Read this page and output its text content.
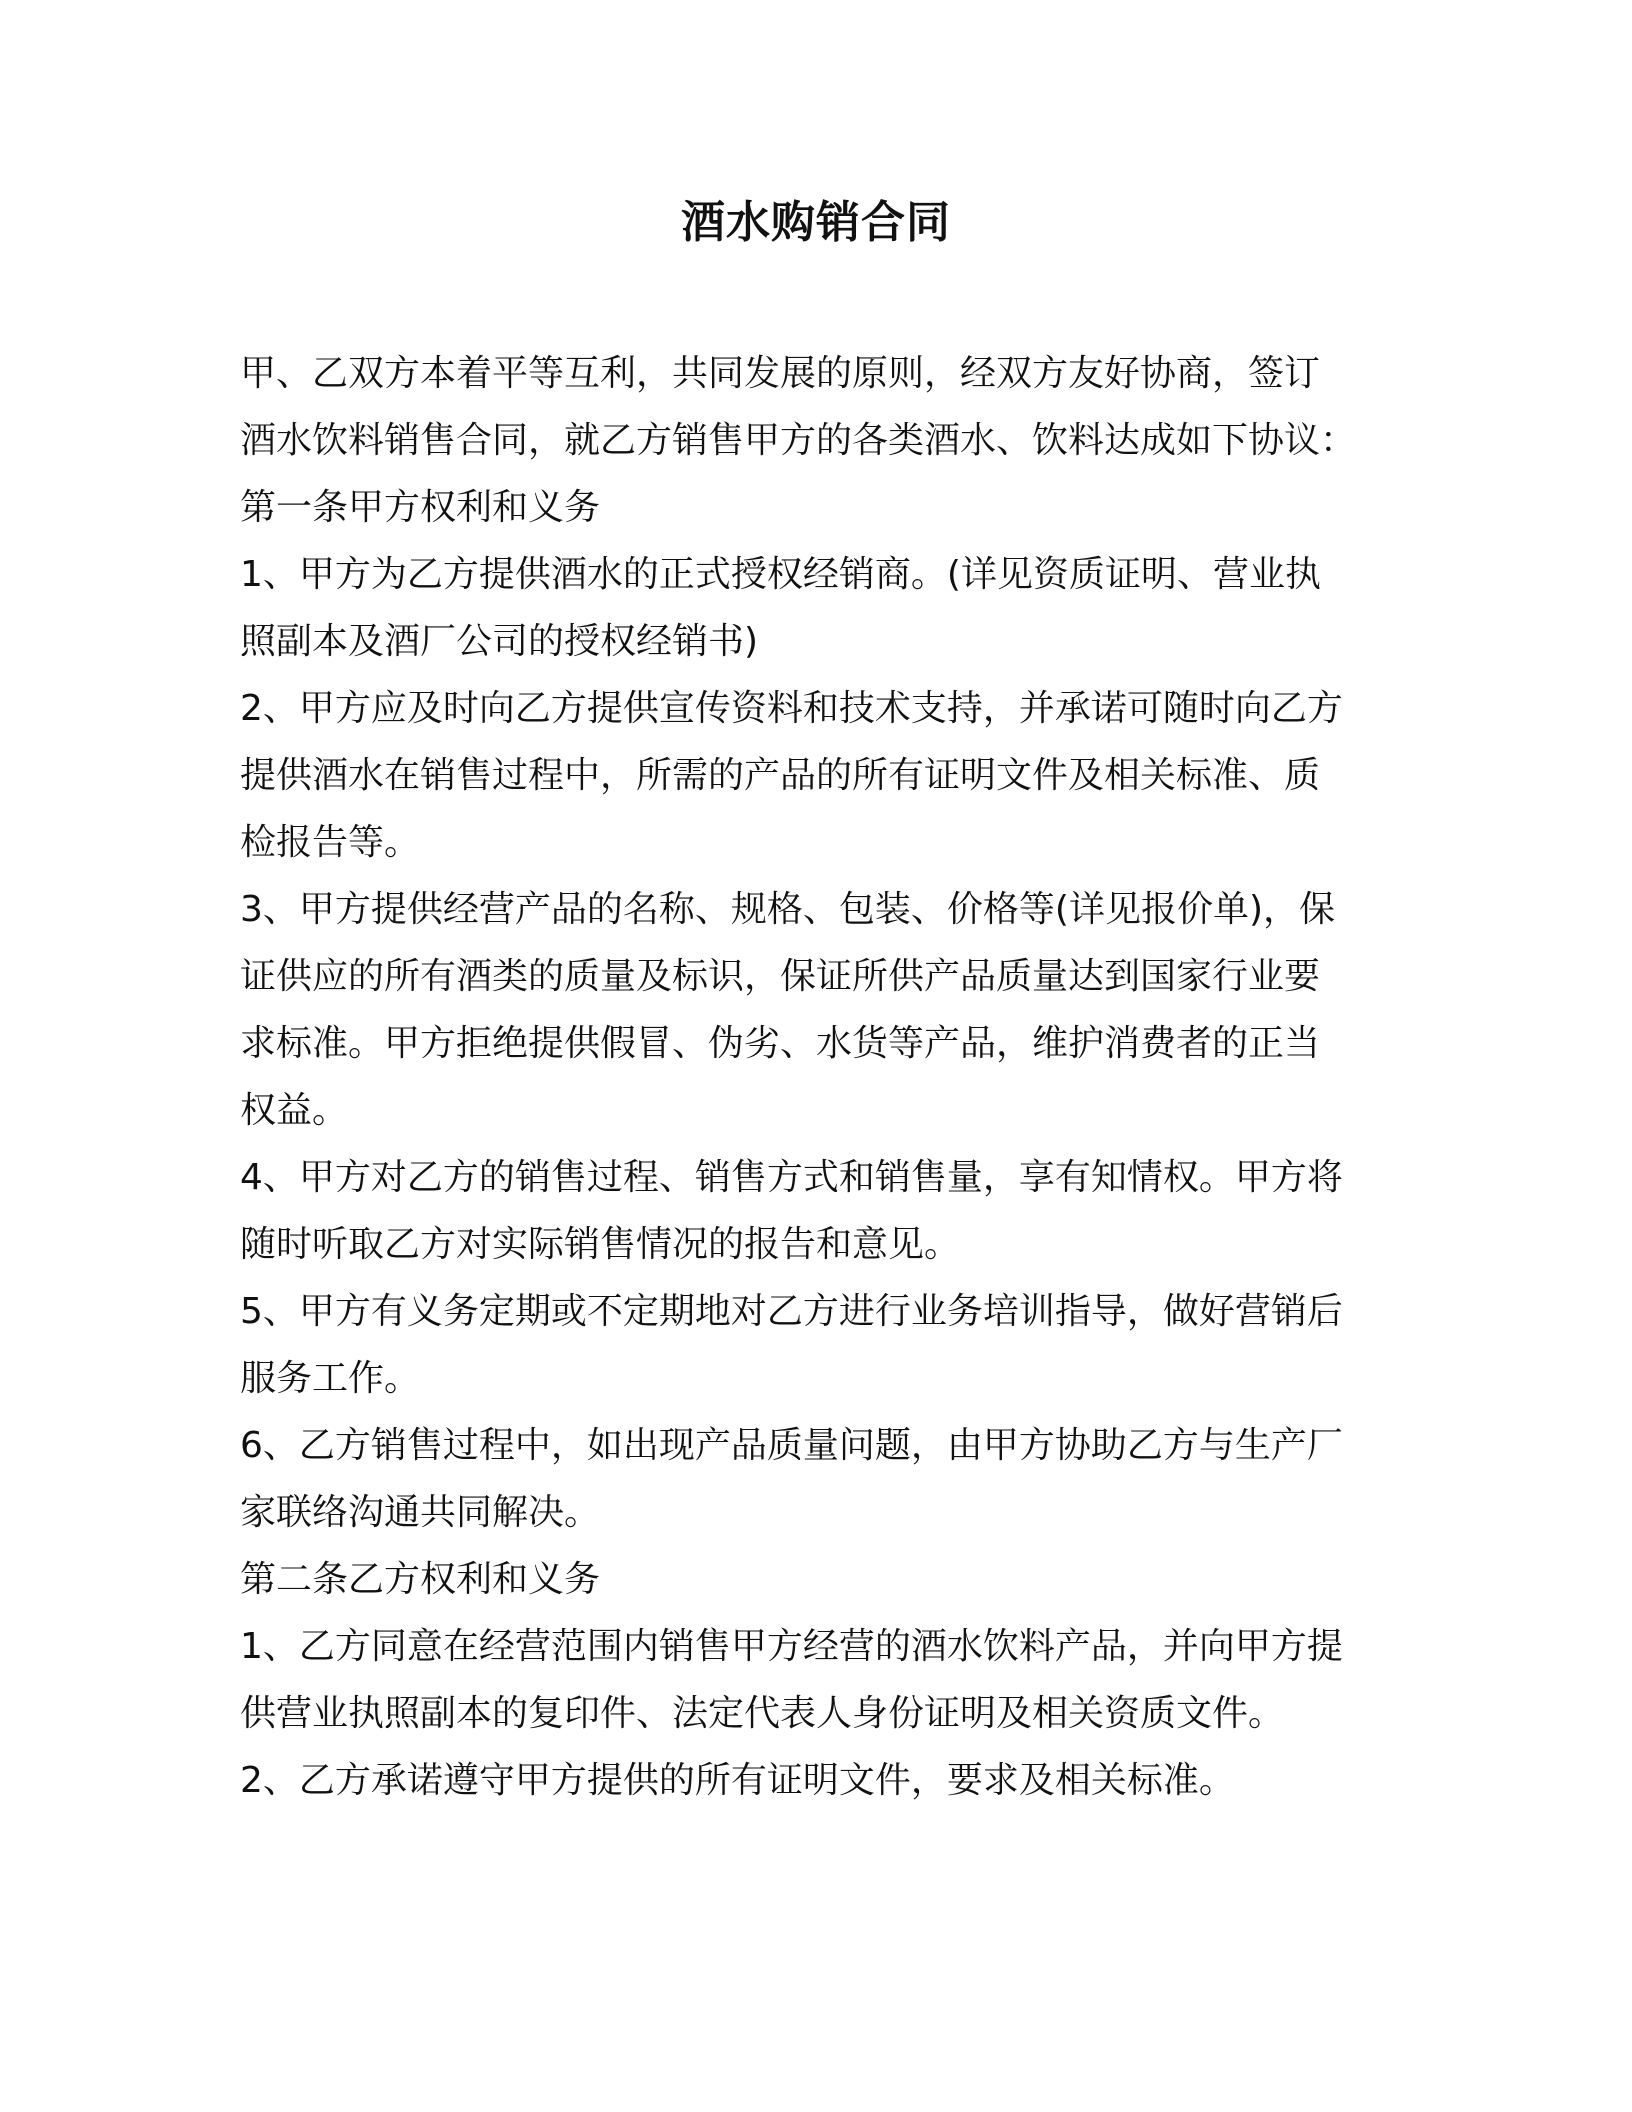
酒水购销合同

甲、乙双方本着平等互利，共同发展的原则，经双方友好协商，签订

酒水饮料销售合同，就乙方销售甲方的各类酒水、饮料达成如下协议：

第一条甲方权利和义务

1、甲方为乙方提供酒水的正式授权经销商。(详见资质证明、营业执

照副本及酒厂公司的授权经销书)

2、甲方应及时向乙方提供宣传资料和技术支持，并承诺可随时向乙方

提供酒水在销售过程中，所需的产品的所有证明文件及相关标准、质

检报告等。

3、甲方提供经营产品的名称、规格、包装、价格等(详见报价单)，保

证供应的所有酒类的质量及标识，保证所供产品质量达到国家行业要

求标准。甲方拒绝提供假冒、伪劣、水货等产品，维护消费者的正当

权益。

4、甲方对乙方的销售过程、销售方式和销售量，享有知情权。甲方将

随时听取乙方对实际销售情况的报告和意见。

5、甲方有义务定期或不定期地对乙方进行业务培训指导，做好营销后

服务工作。

6、乙方销售过程中，如出现产品质量问题，由甲方协助乙方与生产厂

家联络沟通共同解决。

第二条乙方权利和义务

1、乙方同意在经营范围内销售甲方经营的酒水饮料产品，并向甲方提

供营业执照副本的复印件、法定代表人身份证明及相关资质文件。

2、乙方承诺遵守甲方提供的所有证明文件，要求及相关标准。
